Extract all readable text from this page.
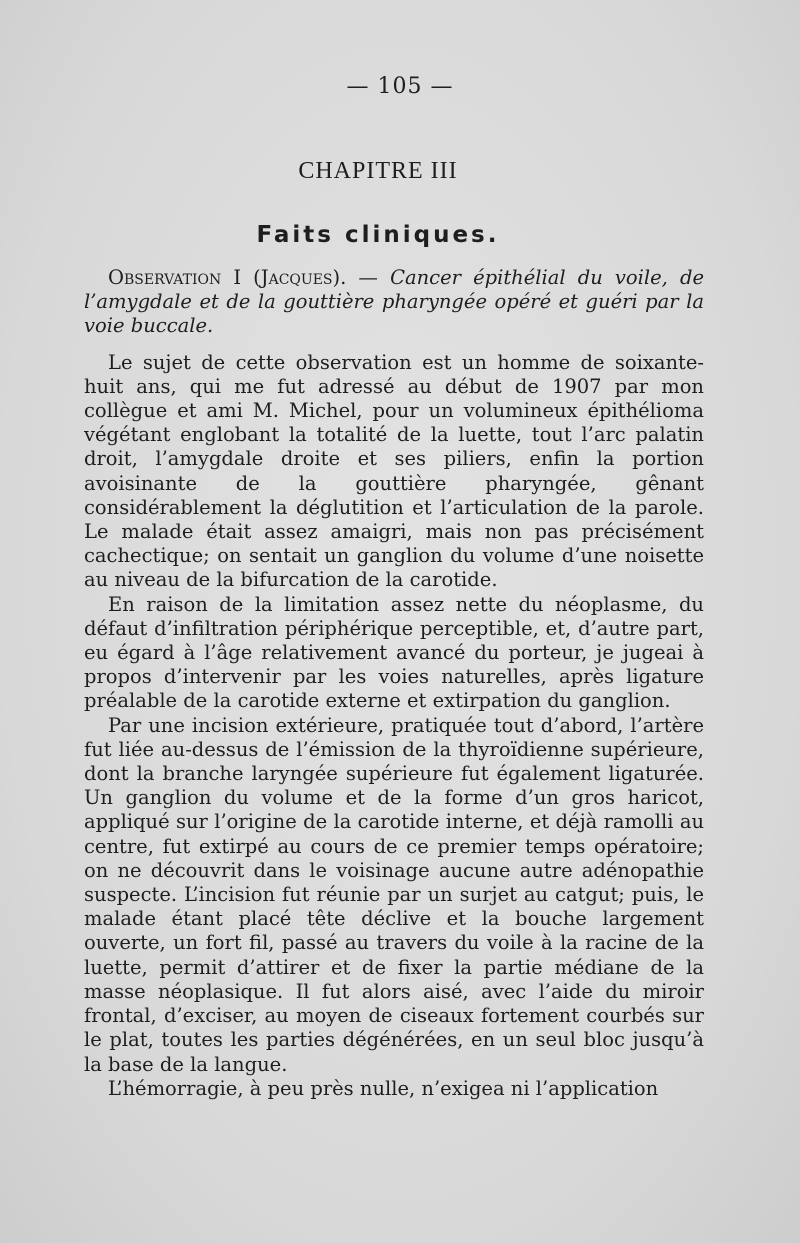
— 105 —
CHAPITRE III
Faits cliniques.

Observation I (Jacques). — Cancer épithélial du voile, de l’amygdale et de la gouttière pharyngée opéré et guéri par la voie buccale.

Le sujet de cette observation est un homme de soixante-huit ans, qui me fut adressé au début de 1907 par mon collègue et ami M. Michel, pour un volumineux épithélioma végétant englobant la totalité de la luette, tout l’arc palatin droit, l’amygdale droite et ses piliers, enfin la portion avoisinante de la gouttière pharyngée, gênant considérablement la déglutition et l’articulation de la parole. Le malade était assez amaigri, mais non pas précisément cachectique; on sentait un ganglion du volume d’une noisette au niveau de la bifurcation de la carotide.

En raison de la limitation assez nette du néoplasme, du défaut d’infiltration périphérique perceptible, et, d’autre part, eu égard à l’âge relativement avancé du porteur, je jugeai à propos d’intervenir par les voies naturelles, après ligature préalable de la carotide externe et extirpation du ganglion.

Par une incision extérieure, pratiquée tout d’abord, l’artère fut liée au-dessus de l’émission de la thyroïdienne supérieure, dont la branche laryngée supérieure fut également ligaturée. Un ganglion du volume et de la forme d’un gros haricot, appliqué sur l’origine de la carotide interne, et déjà ramolli au centre, fut extirpé au cours de ce premier temps opératoire; on ne découvrit dans le voisinage aucune autre adénopathie suspecte. L’incision fut réunie par un surjet au catgut; puis, le malade étant placé tête déclive et la bouche largement ouverte, un fort fil, passé au travers du voile à la racine de la luette, permit d’attirer et de fixer la partie médiane de la masse néoplasique. Il fut alors aisé, avec l’aide du miroir frontal, d’exciser, au moyen de ciseaux fortement courbés sur le plat, toutes les parties dégénérées, en un seul bloc jusqu’à la base de la langue.

L’hémorragie, à peu près nulle, n’exigea ni l’application
